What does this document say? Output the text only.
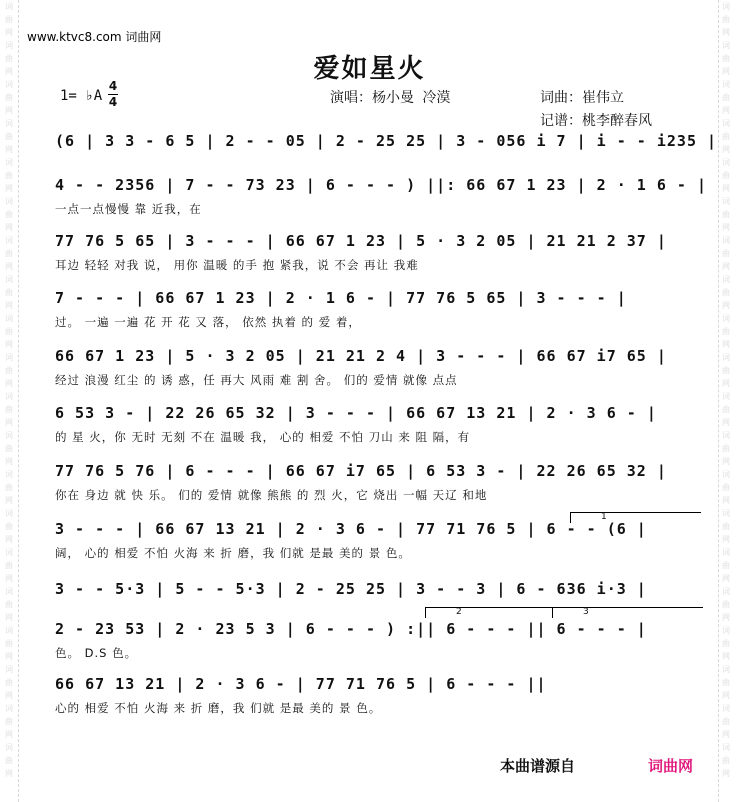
词曲网词曲网词曲网词曲网词曲网词曲网词曲网词曲网词曲网词曲网词曲网词曲网词曲网词曲网词曲网词曲网词曲网词曲网词曲网词曲网
词曲网词曲网词曲网词曲网词曲网词曲网词曲网词曲网词曲网词曲网词曲网词曲网词曲网词曲网词曲网词曲网词曲网词曲网词曲网词曲网
www.ktvc8.com 词曲网
爱如星火
1= ♭A
4
4	演唱：杨小曼 冷漠	词曲：崔伟立
记谱：桃李醉春风
(6 | 3 3 - 6 5 | 2 - - 05 | 2 - 25 25 | 3 - 056 i 7 | i - - i235 |
4 - - 2356 | 7 - - 73 23 | 6 - - - ) ||: 66 67 1 23 | 2 · 1 6 - |
一点一点慢慢 靠 近我，在
77 76 5 65 | 3 - - - | 66 67 1 23 | 5 · 3 2 05 | 21 21 2 37 |
耳边 轻轻 对我 说， 用你 温暖 的手 抱 紧我，说 不会 再让 我难
7 - - - | 66 67 1 23 | 2 · 1 6 - | 77 76 5 65 | 3 - - - |
过。 一遍 一遍 花 开 花 又 落， 依然 执着 的 爱 着，
66 67 1 23 | 5 · 3 2 05 | 21 21 2 4 | 3 - - - | 66 67 i7 65 |
经过 浪漫 红尘 的 诱 惑，任 再大 风雨 难 割 舍。 们的 爱情 就像 点点
6 53 3 - | 22 26 65 32 | 3 - - - | 66 67 13 21 | 2 · 3 6 - |
的 星 火，你 无时 无刻 不在 温暖 我， 心的 相爱 不怕 刀山 来 阻 隔，有
77 76 5 76 | 6 - - - | 66 67 i7 65 | 6 53 3 - | 22 26 65 32 |
你在 身边 就 快 乐。 们的 爱情 就像 熊熊 的 烈 火，它 烧出 一幅 天辽 和地
3 - - - | 66 67 13 21 | 2 · 3 6 - | 77 71 76 5 | 6 - - (6 |
阔， 心的 相爱 不怕 火海 来 折 磨，我 们就 是最 美的 景 色。
3 - - 5·3 | 5 - - 5·3 | 2 - 25 25 | 3 - - 3 | 6 - 636 i·3 |
2 - 23 53 | 2 · 23 5 3 | 6 - - - ) :|| 6 - - - || 6 - - - |
色。 D.S 色。
66 67 13 21 | 2 · 3 6 - | 77 71 76 5 | 6 - - - ||
心的 相爱 不怕 火海 来 折 磨，我 们就 是最 美的 景 色。
1
2	3
本曲谱源自	词曲网
